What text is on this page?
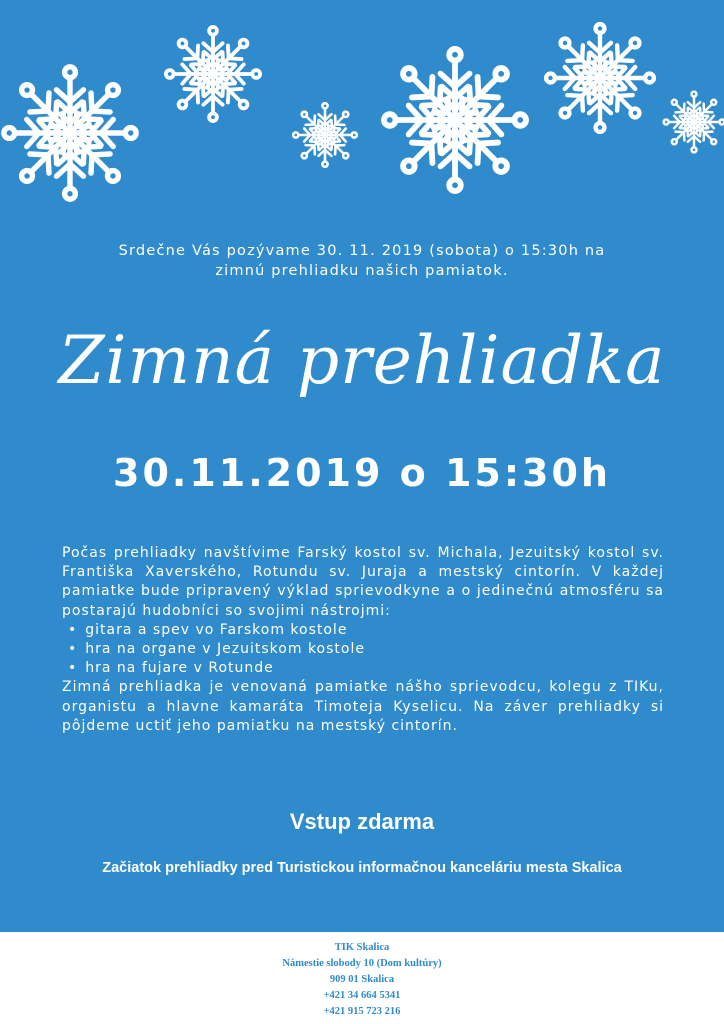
Srdečne Vás pozývame 30. 11. 2019 (sobota) o 15:30h na
zimnú prehliadku našich pamiatok.
Zimná prehliadka
30.11.2019 o 15:30h

Počas prehliadky navštívime Farský kostol sv. Michala, Jezuitský kostol sv. Františka Xaverského, Rotundu sv. Juraja a mestský cintorín. V každej pamiatke bude pripravený výklad sprievodkyne a o jedinečnú atmosféru sa postarajú hudobníci so svojimi nástrojmi:

• gitara a spev vo Farskom kostole
• hra na organe v Jezuitskom kostole
• hra na fujare v Rotunde

Zimná prehliadka je venovaná pamiatke nášho sprievodcu, kolegu z TIKu, organistu a hlavne kamaráta Timoteja Kyselicu. Na záver prehliadky si pôjdeme uctiť jeho pamiatku na mestský cintorín.

Vstup zdarma
Začiatok prehliadky pred Turistickou informačnou kanceláriu mesta Skalica
TIK Skalica
Námestie slobody 10 (Dom kultúry)
909 01 Skalica
+421 34 664 5341
+421 915 723 216
